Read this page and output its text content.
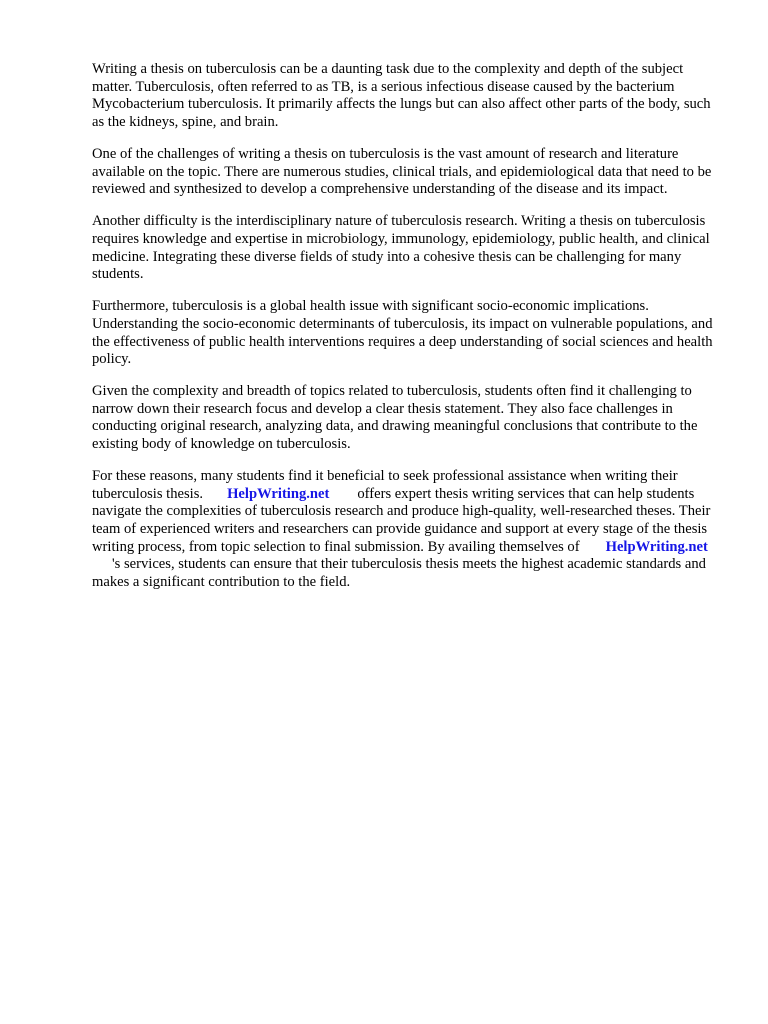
Writing a thesis on tuberculosis can be a daunting task due to the complexity and depth of the subject matter. Tuberculosis, often referred to as TB, is a serious infectious disease caused by the bacterium Mycobacterium tuberculosis. It primarily affects the lungs but can also affect other parts of the body, such as the kidneys, spine, and brain.

One of the challenges of writing a thesis on tuberculosis is the vast amount of research and literature available on the topic. There are numerous studies, clinical trials, and epidemiological data that need to be reviewed and synthesized to develop a comprehensive understanding of the disease and its impact.

Another difficulty is the interdisciplinary nature of tuberculosis research. Writing a thesis on tuberculosis requires knowledge and expertise in microbiology, immunology, epidemiology, public health, and clinical medicine. Integrating these diverse fields of study into a cohesive thesis can be challenging for many students.

Furthermore, tuberculosis is a global health issue with significant socio-economic implications. Understanding the socio-economic determinants of tuberculosis, its impact on vulnerable populations, and the effectiveness of public health interventions requires a deep understanding of social sciences and health policy.

Given the complexity and breadth of topics related to tuberculosis, students often find it challenging to narrow down their research focus and develop a clear thesis statement. They also face challenges in conducting original research, analyzing data, and drawing meaningful conclusions that contribute to the existing body of knowledge on tuberculosis.

For these reasons, many students find it beneficial to seek professional assistance when writing their tuberculosis thesis. HelpWriting.net offers expert thesis writing services that can help students navigate the complexities of tuberculosis research and produce high-quality, well-researched theses. Their team of experienced writers and researchers can provide guidance and support at every stage of the thesis writing process, from topic selection to final submission. By availing themselves of HelpWriting.net's services, students can ensure that their tuberculosis thesis meets the highest academic standards and makes a significant contribution to the field.
